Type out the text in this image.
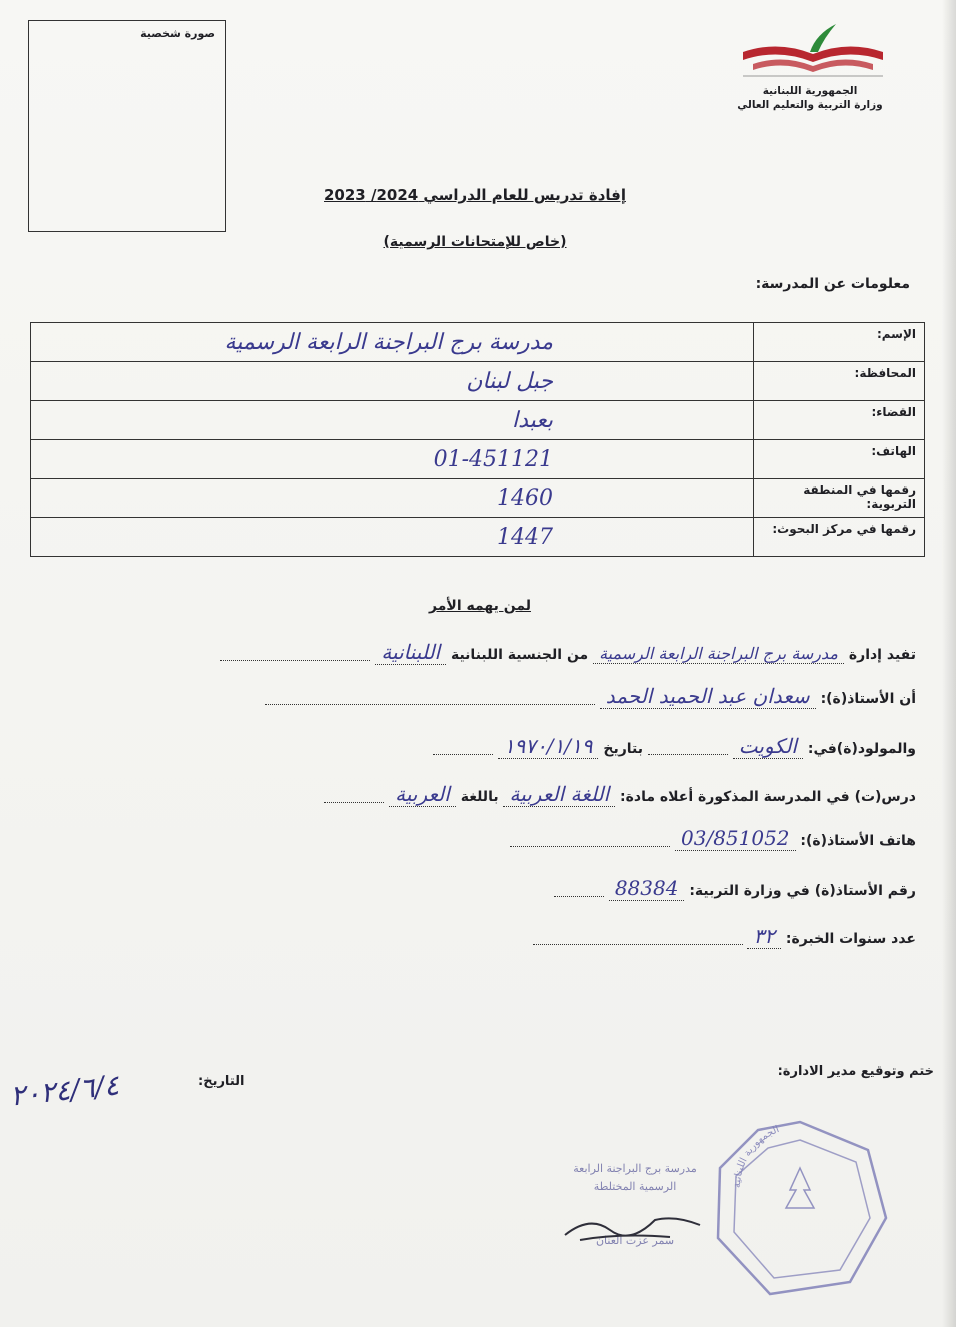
صورة شخصية
الجمهورية اللبنانية
وزارة التربية والتعليم العالي
إفادة تدريس للعام الدراسي 2024/ 2023
(خاص للإمتحانات الرسمية)
معلومات عن المدرسة:
الإسم:	مدرسة برج البراجنة الرابعة الرسمية
المحافظة:	جبل لبنان
القضاء:	بعبدا
الهاتف:	01-451121
رقمها في المنطقة التربوية:	1460
رقمها في مركز البحوث:	1447
لمن يهمه الأمر
تفيد إدارة مدرسة برج البراجنة الرابعة الرسمية من الجنسية اللبنانية اللبنانية
أن الأستاذ(ة): سعدان عبد الحميد الحمد
والمولود(ة)في: الكويت  بتاريخ ١٩٧٠/١/١٩
درس(ت) في المدرسة المذكورة أعلاه مادة: اللغة العربية باللغة العربية
هاتف الأستاذ(ة): 03/851052
رقم الأستاذ(ة) في وزارة التربية: 88384
عدد سنوات الخبرة: ٣٢
ختم وتوقيع مدير الادارة:
التاريخ:
٢٠٢٤/٦/٤
مدرسة برج البراجنة الرابعة
الرسمية المختلطة
سمر عزت العنان
الجمهورية اللبنانية
